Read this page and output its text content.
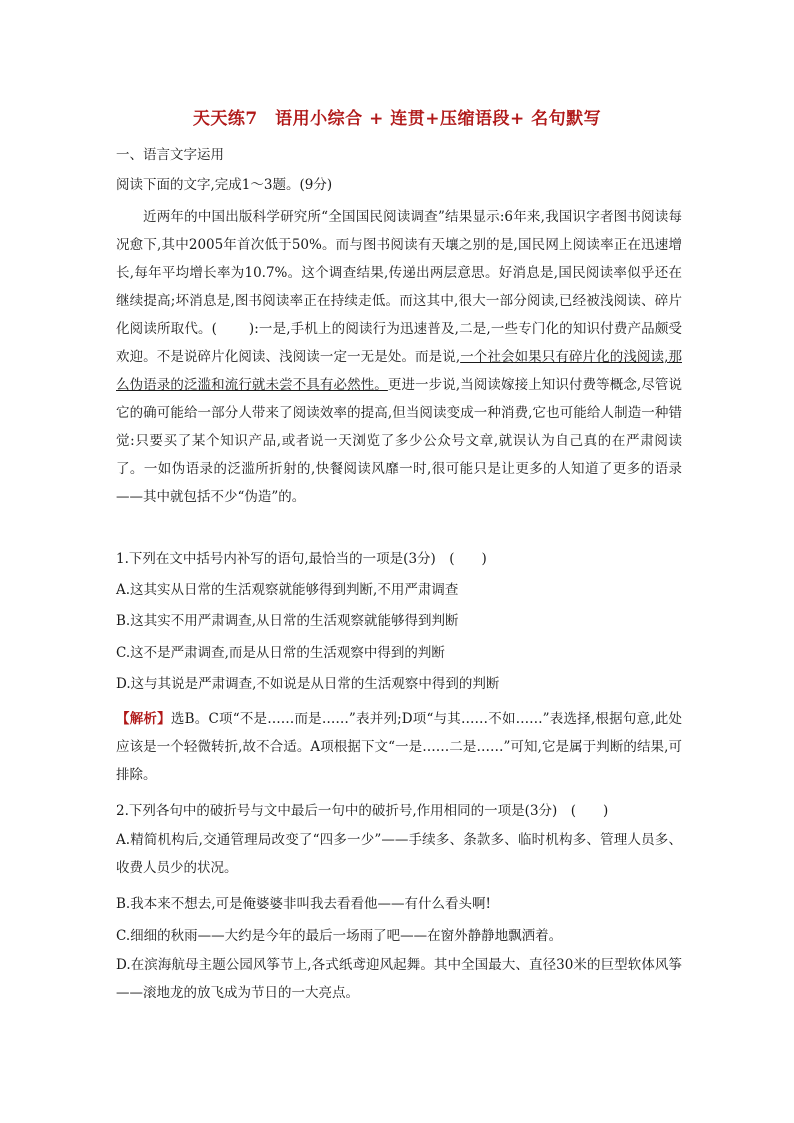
天天练7　语用小综合 + 连贯+压缩语段+ 名句默写
一、语言文字运用
阅读下面的文字,完成1～3题。(9分)
近两年的中国出版科学研究所“全国国民阅读调查”结果显示:6年来,我国识字者图书阅读每况愈下,其中2005年首次低于50%。而与图书阅读有天壤之别的是,国民网上阅读率正在迅速增长,每年平均增长率为10.7%。这个调查结果,传递出两层意思。好消息是,国民阅读率似乎还在继续提高;坏消息是,图书阅读率正在持续走低。而这其中,很大一部分阅读,已经被浅阅读、碎片化阅读所取代。( ):一是,手机上的阅读行为迅速普及,二是,一些专门化的知识付费产品颇受欢迎。不是说碎片化阅读、浅阅读一定一无是处。而是说,一个社会如果只有碎片化的浅阅读,那么伪语录的泛滥和流行就未尝不具有必然性。更进一步说,当阅读嫁接上知识付费等概念,尽管说它的确可能给一部分人带来了阅读效率的提高,但当阅读变成一种消费,它也可能给人制造一种错觉:只要买了某个知识产品,或者说一天浏览了多少公众号文章,就误认为自己真的在严肃阅读了。一如伪语录的泛滥所折射的,快餐阅读风靡一时,很可能只是让更多的人知道了更多的语录——其中就包括不少“伪造”的。
1.下列在文中括号内补写的语句,最恰当的一项是(3分)　(　　)
A.这其实从日常的生活观察就能够得到判断,不用严肃调查
B.这其实不用严肃调查,从日常的生活观察就能够得到判断
C.这不是严肃调查,而是从日常的生活观察中得到的判断
D.这与其说是严肃调查,不如说是从日常的生活观察中得到的判断
【解析】选B。C项“不是……而是……”表并列;D项“与其……不如……”表选择,根据句意,此处应该是一个轻微转折,故不合适。A项根据下文“一是……二是……”可知,它是属于判断的结果,可排除。
2.下列各句中的破折号与文中最后一句中的破折号,作用相同的一项是(3分)　(　　)
A.精简机构后,交通管理局改变了“四多一少”——手续多、条款多、临时机构多、管理人员多、收费人员少的状况。
B.我本来不想去,可是俺婆婆非叫我去看看他——有什么看头啊!
C.细细的秋雨——大约是今年的最后一场雨了吧——在窗外静静地飘洒着。
D.在滨海航母主题公园风筝节上,各式纸鸢迎风起舞。其中全国最大、直径30米的巨型软体风筝——滚地龙的放飞成为节日的一大亮点。
